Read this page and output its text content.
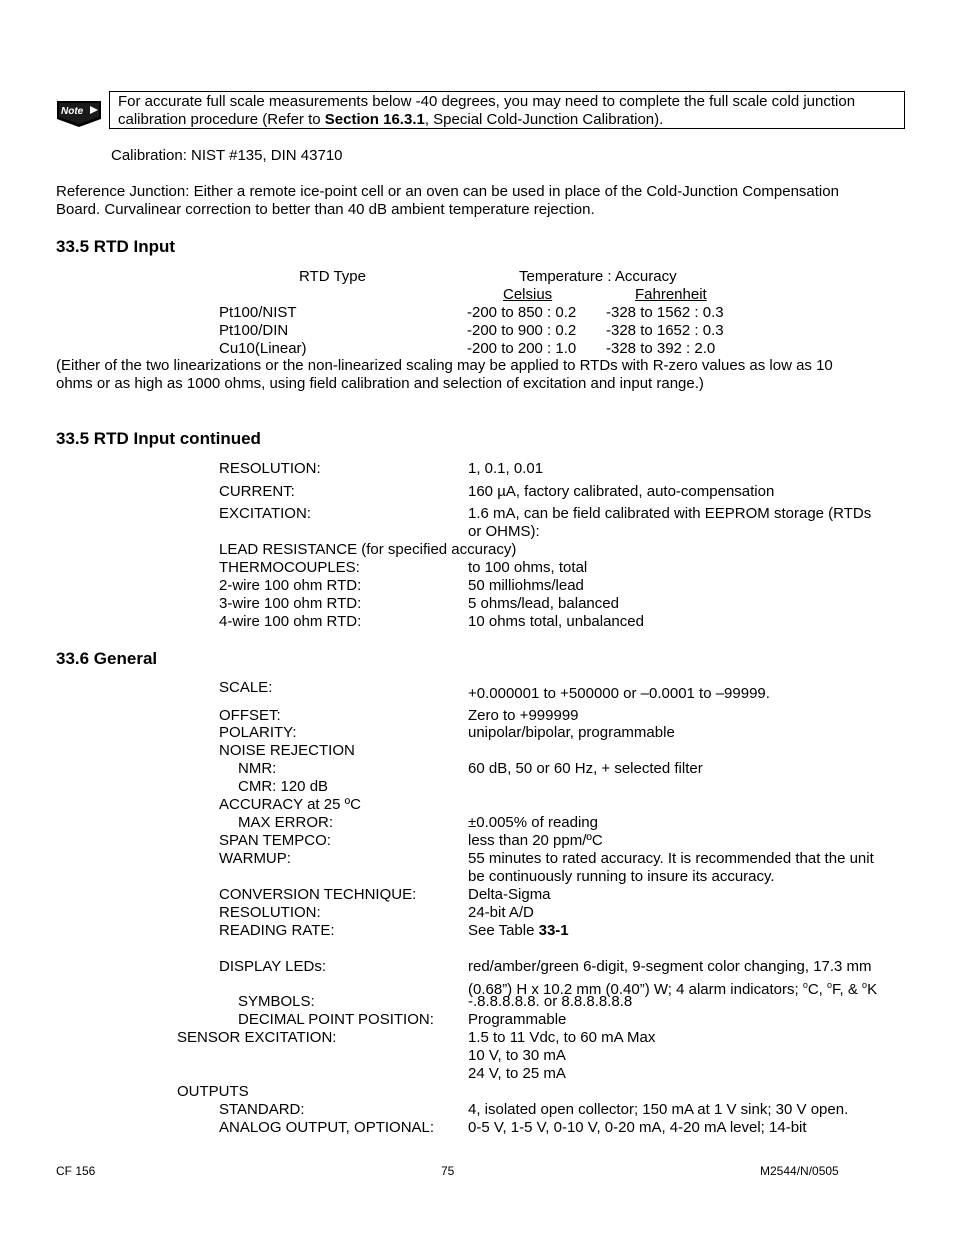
Note
For accurate full scale measurements below -40 degrees, you may need to complete the full scale cold junction
calibration procedure (Refer to Section 16.3.1, Special Cold-Junction Calibration).
Calibration: NIST #135, DIN 43710
Reference Junction: Either a remote ice-point cell or an oven can be used in place of the Cold-Junction Compensation
Board. Curvalinear correction to better than 40 dB ambient temperature rejection.
33.5 RTD Input
RTD Type	Temperature : Accuracy
Celsius	Fahrenheit
Pt100/NIST	-200 to 850 : 0.2 -328 to 1562 : 0.3
Pt100/DIN	-200 to 900 : 0.2 -328 to 1652 : 0.3
Cu10(Linear)	-200 to 200 : 1.0 -328 to 392 : 2.0
(Either of the two linearizations or the non-linearized scaling may be applied to RTDs with R-zero values as low as 10
ohms or as high as 1000 ohms, using field calibration and selection of excitation and input range.)
33.5 RTD Input continued
RESOLUTION:	1, 0.1, 0.01
CURRENT:	160 µA, factory calibrated, auto-compensation
EXCITATION:	1.6 mA, can be field calibrated with EEPROM storage (RTDs
or OHMS):
LEAD RESISTANCE (for specified accuracy)
THERMOCOUPLES:	to 100 ohms, total
2-wire 100 ohm RTD:	50 milliohms/lead
3-wire 100 ohm RTD:	5 ohms/lead, balanced
4-wire 100 ohm RTD:	10 ohms total, unbalanced
33.6 General
SCALE:	+0.000001 to +500000 or –0.0001 to –99999.
OFFSET:	Zero to +999999
POLARITY:	unipolar/bipolar, programmable
NOISE REJECTION
NMR:	60 dB, 50 or 60 Hz, + selected filter
CMR: 120 dB
ACCURACY at 25 ºC
MAX ERROR:	±0.005% of reading
SPAN TEMPCO:	less than 20 ppm/ºC
WARMUP:	55 minutes to rated accuracy. It is recommended that the unit
be continuously running to insure its accuracy.
CONVERSION TECHNIQUE:	Delta-Sigma
RESOLUTION:	24-bit A/D
READING RATE:	See Table 33-1
DISPLAY LEDs:	red/amber/green 6-digit, 9-segment color changing, 17.3 mm
(0.68”) H x 10.2 mm (0.40”) W; 4 alarm indicators; $^o$C, $^o$F, & $^o$K
SYMBOLS:	-.8.8.8.8.8. or 8.8.8.8.8.8
DECIMAL POINT POSITION: Programmable
SENSOR EXCITATION:	1.5 to 11 Vdc, to 60 mA Max
10 V, to 30 mA
24 V, to 25 mA
OUTPUTS
STANDARD:	4, isolated open collector; 150 mA at 1 V sink; 30 V open.
ANALOG OUTPUT, OPTIONAL: 0-5 V, 1-5 V, 0-10 V, 0-20 mA, 4-20 mA level; 14-bit
CF 156	75	M2544/N/0505
